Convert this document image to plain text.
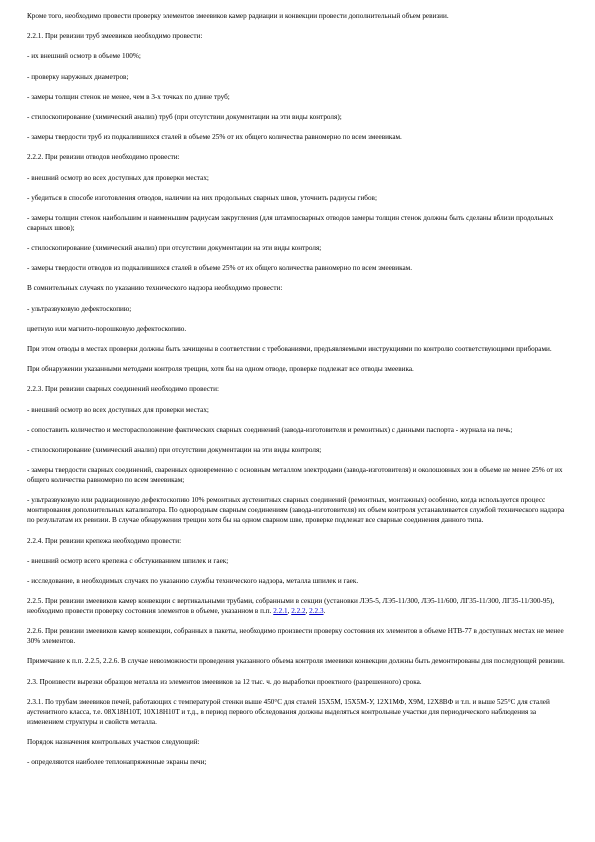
Кроме того, необходимо провести проверку элементов змеевиков камер радиации и конвекции провести дополнительный объем ревизии.

2.2.1. При ревизии труб змеевиков необходимо провести:

- их внешний осмотр в объеме 100%;

- проверку наружных диаметров;

- замеры толщин стенок не менее, чем в 3-х точках по длине труб;

- стилоскопирование (химический анализ) труб (при отсутствии документации на эти виды контроля);

- замеры твердости труб из подкалившихся сталей в объеме 25% от их общего количества равномерно по всем змеевикам.

2.2.2. При ревизии отводов необходимо провести:

- внешний осмотр во всех доступных для проверки местах;

- убедиться в способе изготовления отводов, наличии на них продольных сварных швов, уточнить радиусы гибов;

- замеры толщин стенок наибольшим и наименьшим радиусам закругления (для штампосварных отводов замеры толщин стенок должны быть сделаны вблизи продольных сварных швов);

- стилоскопирование (химический анализ) при отсутствии документации на эти виды контроля;

- замеры твердости отводов из подкалившихся сталей в объеме 25% от их общего количества равномерно по всем змеевикам.

В сомнительных случаях по указанию технического надзора необходимо провести:

- ультразвуковую дефектоскопию;

цветную или магнито-порошковую дефектоскопию.

При этом отводы в местах проверки должны быть зачищены в соответствии с требованиями, предъявляемыми инструкциями по контролю соответствующими приборами.

При обнаружении указанными методами контроля трещин, хотя бы на одном отводе, проверке подлежат все отводы змеевика.

2.2.3. При ревизии сварных соединений необходимо провести:

- внешний осмотр во всех доступных для проверки местах;

- сопоставить количество и месторасположение фактических сварных соединений (завода-изготовителя и ремонтных) с данными паспорта - журнала на печь;

- стилоскопирование (химический анализ) при отсутствии документации на эти виды контроля;

- замеры твердости сварных соединений, сваренных одновременно с основным металлом электродами (завода-изготовителя) и околошовных зон в объеме не менее 25% от их общего количества равномерно по всем змеевикам;

- ультразвуковую или радиационную дефектоскопию 10% ремонтных аустенитных сварных соединений (ремонтных, монтажных) особенно, когда используется процесс монтирования дополнительных катализатора. По однородным сварным соединениям (завода-изготовителя) их объем контроля устанавливается службой технического надзора по результатам их ревизии. В случае обнаружения трещин хотя бы на одном сварном шве, проверке подлежат все сварные соединения данного типа.

2.2.4. При ревизии крепежа необходимо провести:

- внешний осмотр всего крепежа с обстукиванием шпилек и гаек;

- исследование, в необходимых случаях по указанию службы технического надзора, металла шпилек и гаек.

2.2.5. При ревизии змеевиков камер конвекции с вертикальными трубами, собранными в секции (установки ЛЭ5-5, ЛЭ5-11/300, ЛЭ5-11/600, ЛГ35-11/300, ЛГ35-11/300-95), необходимо провести проверку состояния элементов в объеме, указанном в п.п. 2.2.1, 2.2.2, 2.2.3.

2.2.6. При ревизии змеевиков камер конвекции, собранных в пакеты, необходимо произвести проверку состояния их элементов в объеме НТВ-77 в доступных местах не менее 30% элементов.

Примечание к п.п. 2.2.5, 2.2.6. В случае невозможности проведения указанного объема контроля змеевики конвекции должны быть демонтированы для последующей ревизии.

2.3. Произвести вырезки образцов металла из элементов змеевиков за 12 тыс. ч. до выработки проектного (разрешенного) срока.

2.3.1. По трубам змеевиков печей, работающих с температурой стенки выше 450°С для сталей 15Х5М, 15Х5М-У, 12Х1МФ, Х9М, 12Х8ВФ и т.п. и выше 525°С для сталей аустенитного класса, т.е. 08Х18Н10Т, 10Х18Н10Т и т.д., в период первого обследования должны выделяться контрольные участки для периодического наблюдения за изменением структуры и свойств металла.

Порядок назначения контрольных участков следующий:

- определяются наиболее теплонапряженные экраны печи;
